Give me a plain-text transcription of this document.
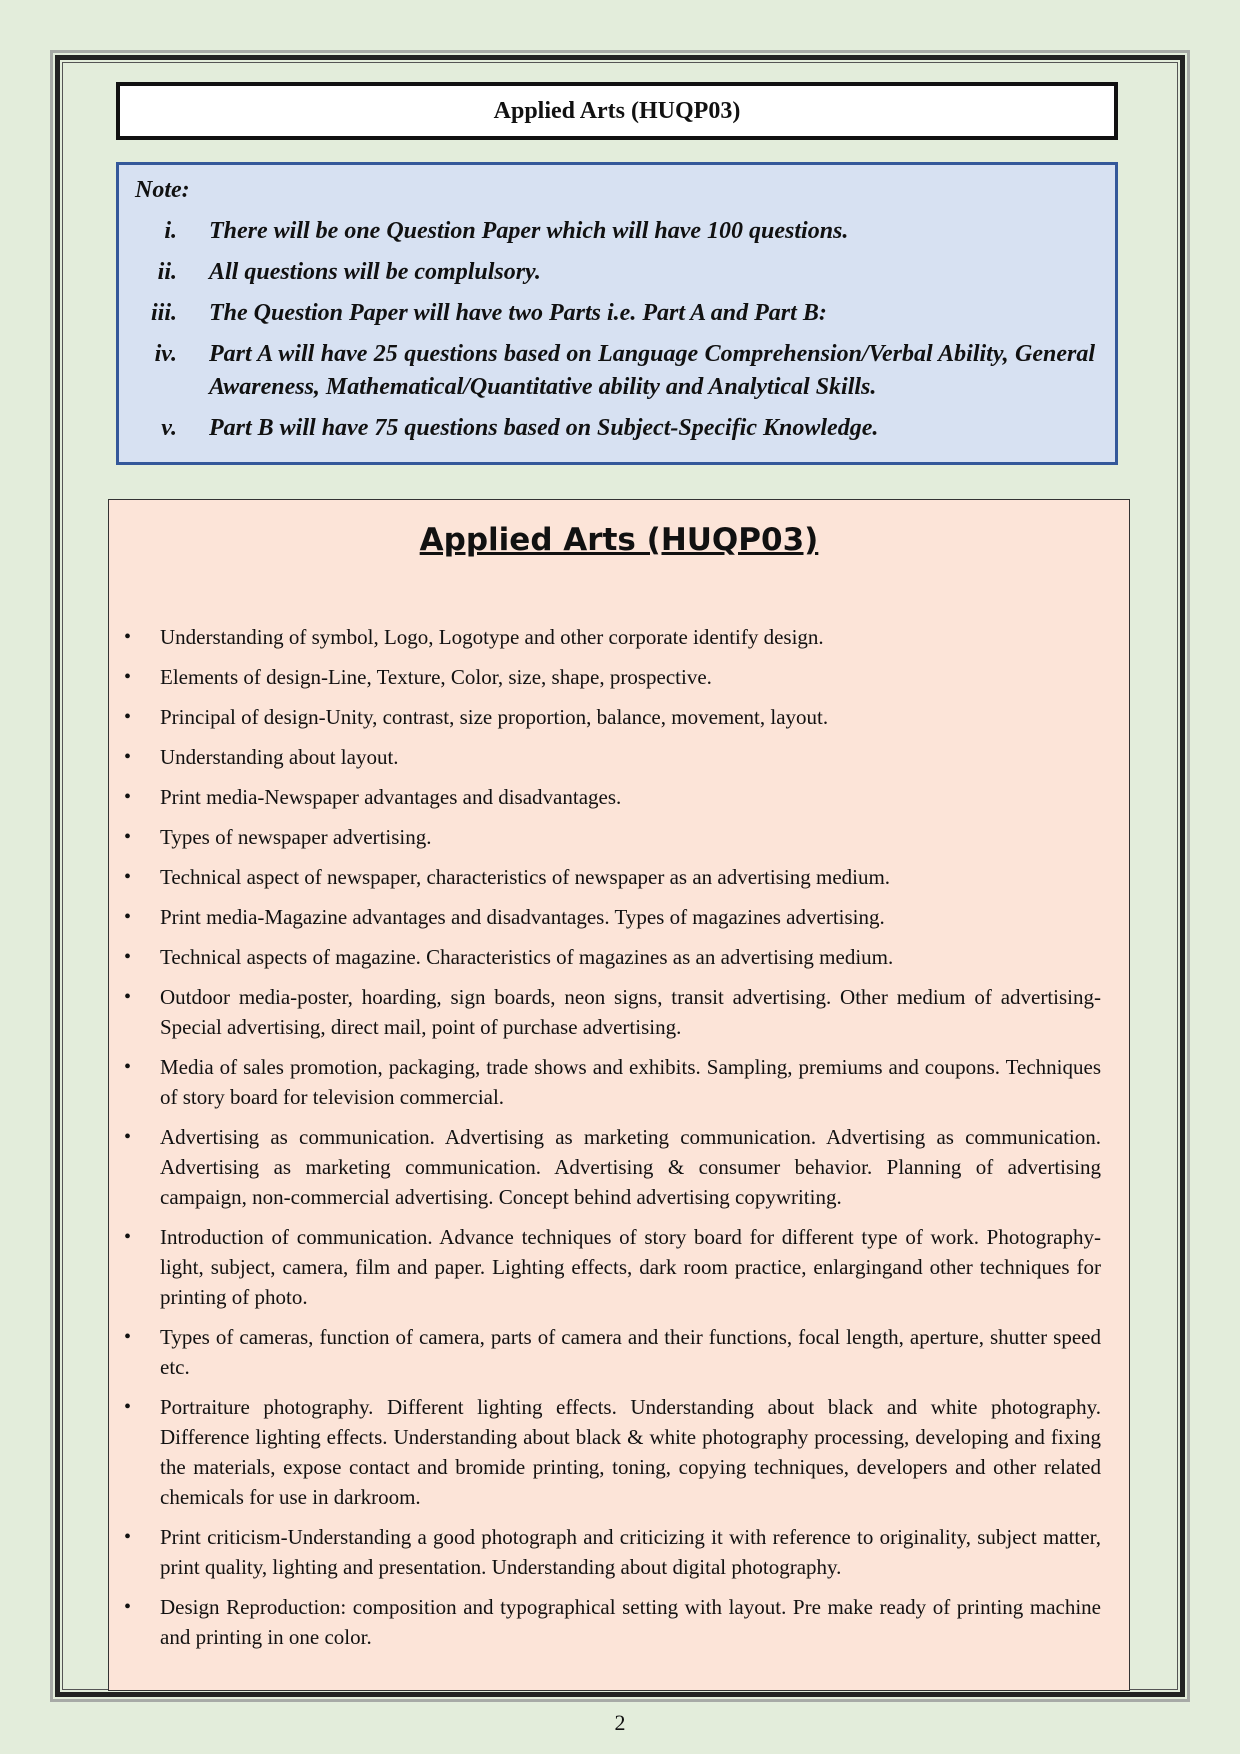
Applied Arts (HUQP03)
Note:
i. There will be one Question Paper which will have 100 questions.
ii. All questions will be complulsory.
iii. The Question Paper will have two Parts i.e. Part A and Part B:
iv. Part A will have 25 questions based on Language Comprehension/Verbal Ability, General Awareness, Mathematical/Quantitative ability and Analytical Skills.
v. Part B will have 75 questions based on Subject-Specific Knowledge.
Applied Arts (HUQP03)
• Understanding of symbol, Logo, Logotype and other corporate identify design.
• Elements of design-Line, Texture, Color, size, shape, prospective.
• Principal of design-Unity, contrast, size proportion, balance, movement, layout.
• Understanding about layout.
• Print media-Newspaper advantages and disadvantages.
• Types of newspaper advertising.
• Technical aspect of newspaper, characteristics of newspaper as an advertising medium.
• Print media-Magazine advantages and disadvantages. Types of magazines advertising.
• Technical aspects of magazine. Characteristics of magazines as an advertising medium.
• Outdoor media-poster, hoarding, sign boards, neon signs, transit advertising. Other medium of advertising-Special advertising, direct mail, point of purchase advertising.
• Media of sales promotion, packaging, trade shows and exhibits. Sampling, premiums and coupons. Techniques of story board for television commercial.
• Advertising as communication. Advertising as marketing communication. Advertising as communication. Advertising as marketing communication. Advertising & consumer behavior. Planning of advertising campaign, non-commercial advertising. Concept behind advertising copywriting.
• Introduction of communication. Advance techniques of story board for different type of work. Photography-light, subject, camera, film and paper. Lighting effects, dark room practice, enlargingand other techniques for printing of photo.
• Types of cameras, function of camera, parts of camera and their functions, focal length, aperture, shutter speed etc.
• Portraiture photography. Different lighting effects. Understanding about black and white photography. Difference lighting effects. Understanding about black & white photography processing, developing and fixing the materials, expose contact and bromide printing, toning, copying techniques, developers and other related chemicals for use in darkroom.
• Print criticism-Understanding a good photograph and criticizing it with reference to originality, subject matter, print quality, lighting and presentation. Understanding about digital photography.
• Design Reproduction: composition and typographical setting with layout. Pre make ready of printing machine and printing in one color.
2
